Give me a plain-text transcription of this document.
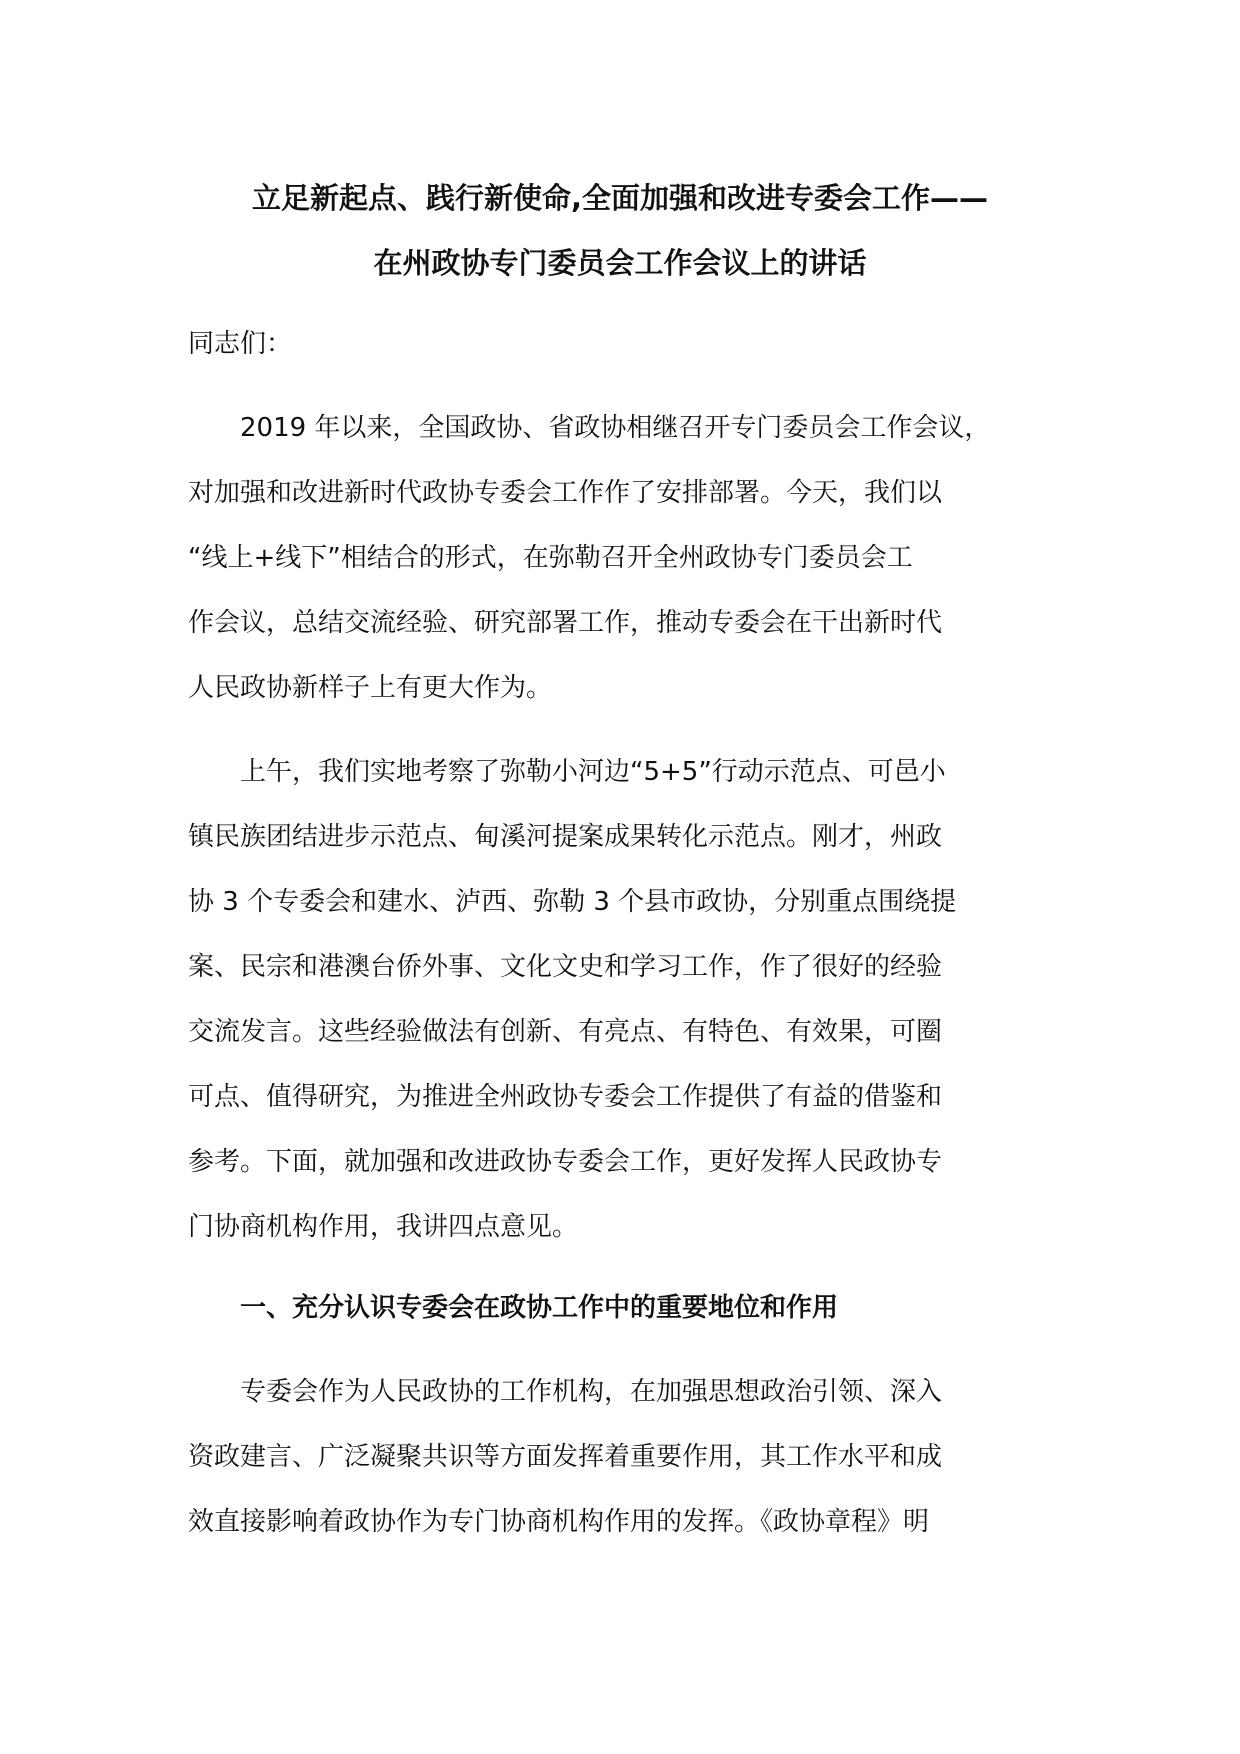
立足新起点、践行新使命,全面加强和改进专委会工作——
在州政协专门委员会工作会议上的讲话
同志们：
2019 年以来，全国政协、省政协相继召开专门委员会工作会议，
对加强和改进新时代政协专委会工作作了安排部署。今天，我们以
“线上+线下”相结合的形式，在弥勒召开全州政协专门委员会工
作会议，总结交流经验、研究部署工作，推动专委会在干出新时代
人民政协新样子上有更大作为。
上午，我们实地考察了弥勒小河边“5+5”行动示范点、可邑小
镇民族团结进步示范点、甸溪河提案成果转化示范点。刚才，州政
协 3 个专委会和建水、泸西、弥勒 3 个县市政协，分别重点围绕提
案、民宗和港澳台侨外事、文化文史和学习工作，作了很好的经验
交流发言。这些经验做法有创新、有亮点、有特色、有效果，可圈
可点、值得研究，为推进全州政协专委会工作提供了有益的借鉴和
参考。下面，就加强和改进政协专委会工作，更好发挥人民政协专
门协商机构作用，我讲四点意见。
一、充分认识专委会在政协工作中的重要地位和作用
专委会作为人民政协的工作机构，在加强思想政治引领、深入
资政建言、广泛凝聚共识等方面发挥着重要作用，其工作水平和成
效直接影响着政协作为专门协商机构作用的发挥。《政协章程》明
